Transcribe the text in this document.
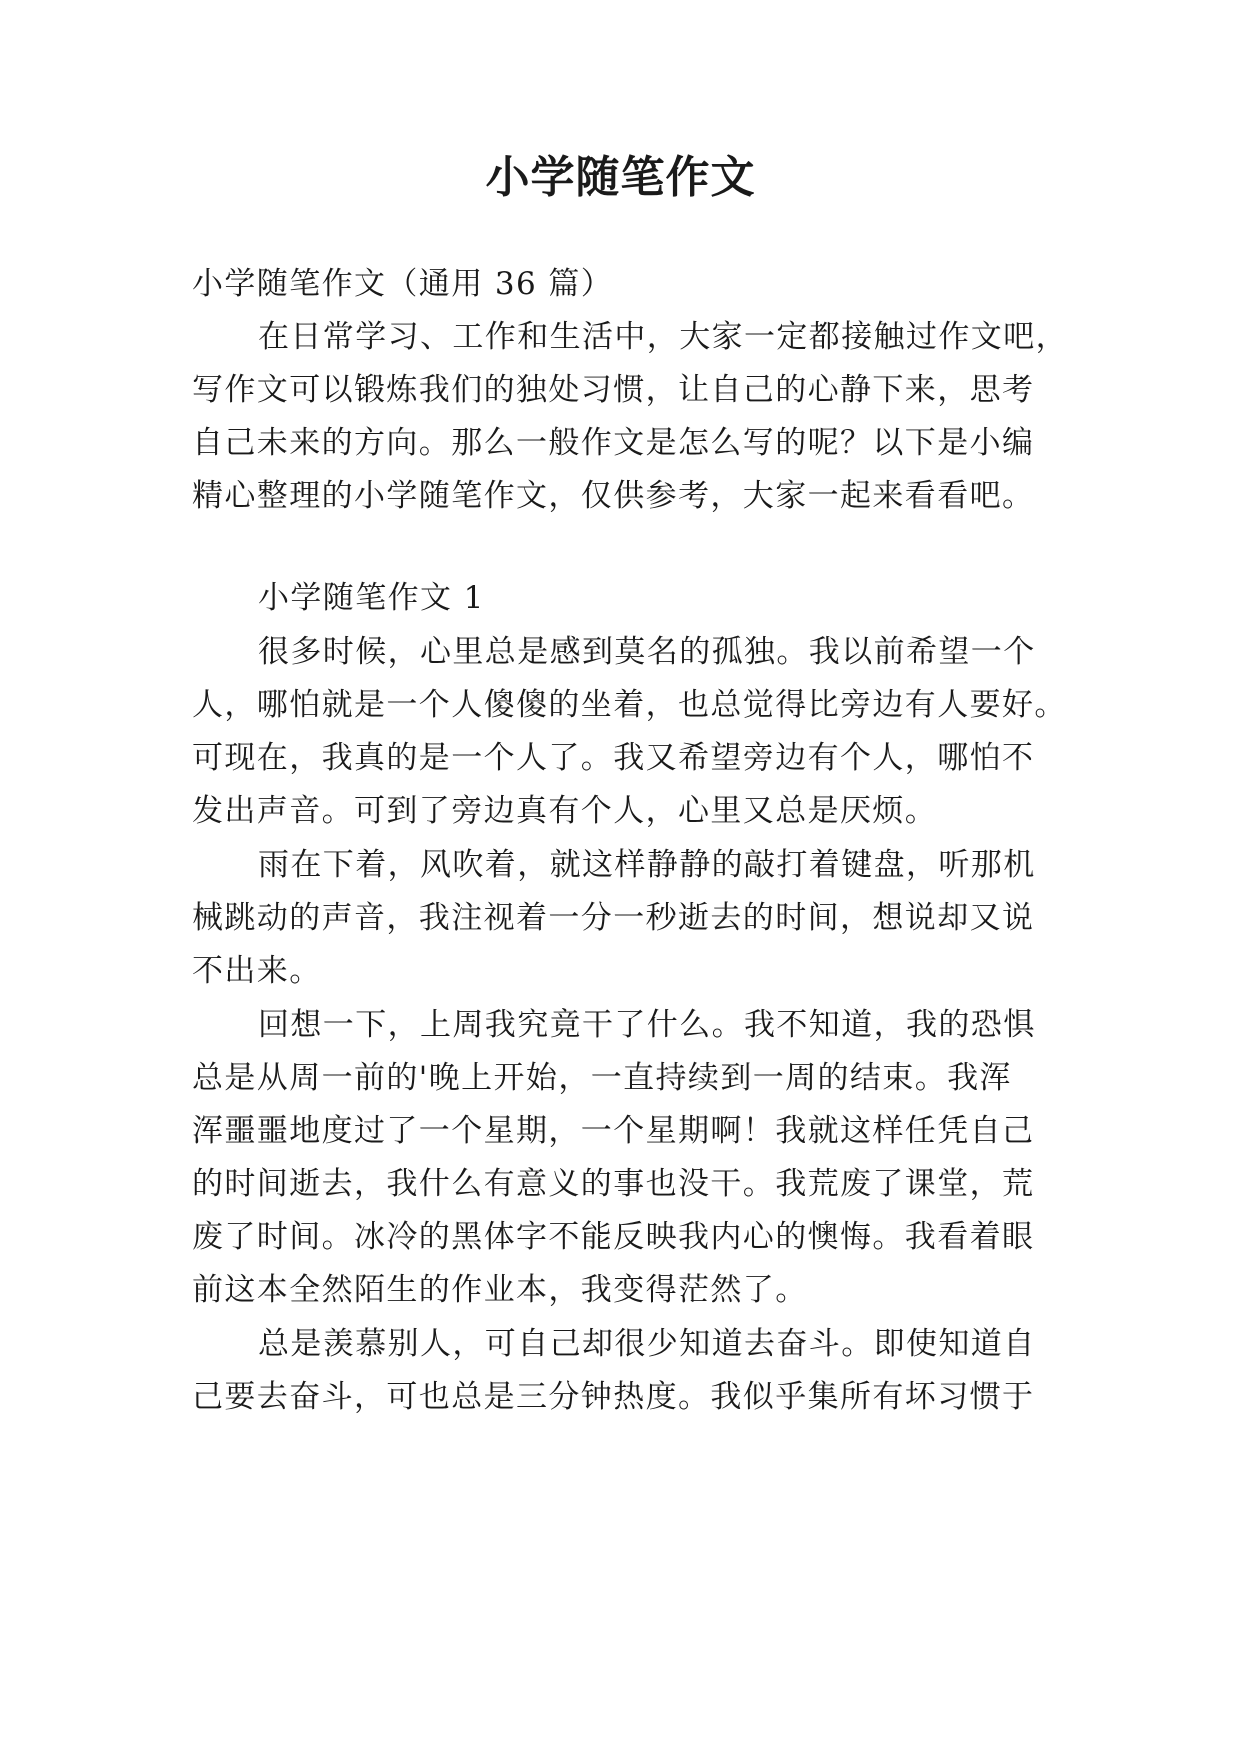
小学随笔作文

小学随笔作文（通用 36 篇）

在日常学习、工作和生活中，大家一定都接触过作文吧，

写作文可以锻炼我们的独处习惯，让自己的心静下来，思考

自己未来的方向。那么一般作文是怎么写的呢？以下是小编

精心整理的小学随笔作文，仅供参考，大家一起来看看吧。

小学随笔作文 1

很多时候，心里总是感到莫名的孤独。我以前希望一个

人，哪怕就是一个人傻傻的坐着，也总觉得比旁边有人要好。

可现在，我真的是一个人了。我又希望旁边有个人，哪怕不

发出声音。可到了旁边真有个人，心里又总是厌烦。

雨在下着，风吹着，就这样静静的敲打着键盘，听那机

械跳动的声音，我注视着一分一秒逝去的时间，想说却又说

不出来。

回想一下，上周我究竟干了什么。我不知道，我的恐惧

总是从周一前的'晚上开始，一直持续到一周的结束。我浑

浑噩噩地度过了一个星期，一个星期啊！我就这样任凭自己

的时间逝去，我什么有意义的事也没干。我荒废了课堂，荒

废了时间。冰冷的黑体字不能反映我内心的懊悔。我看着眼

前这本全然陌生的作业本，我变得茫然了。

总是羡慕别人，可自己却很少知道去奋斗。即使知道自

己要去奋斗，可也总是三分钟热度。我似乎集所有坏习惯于
